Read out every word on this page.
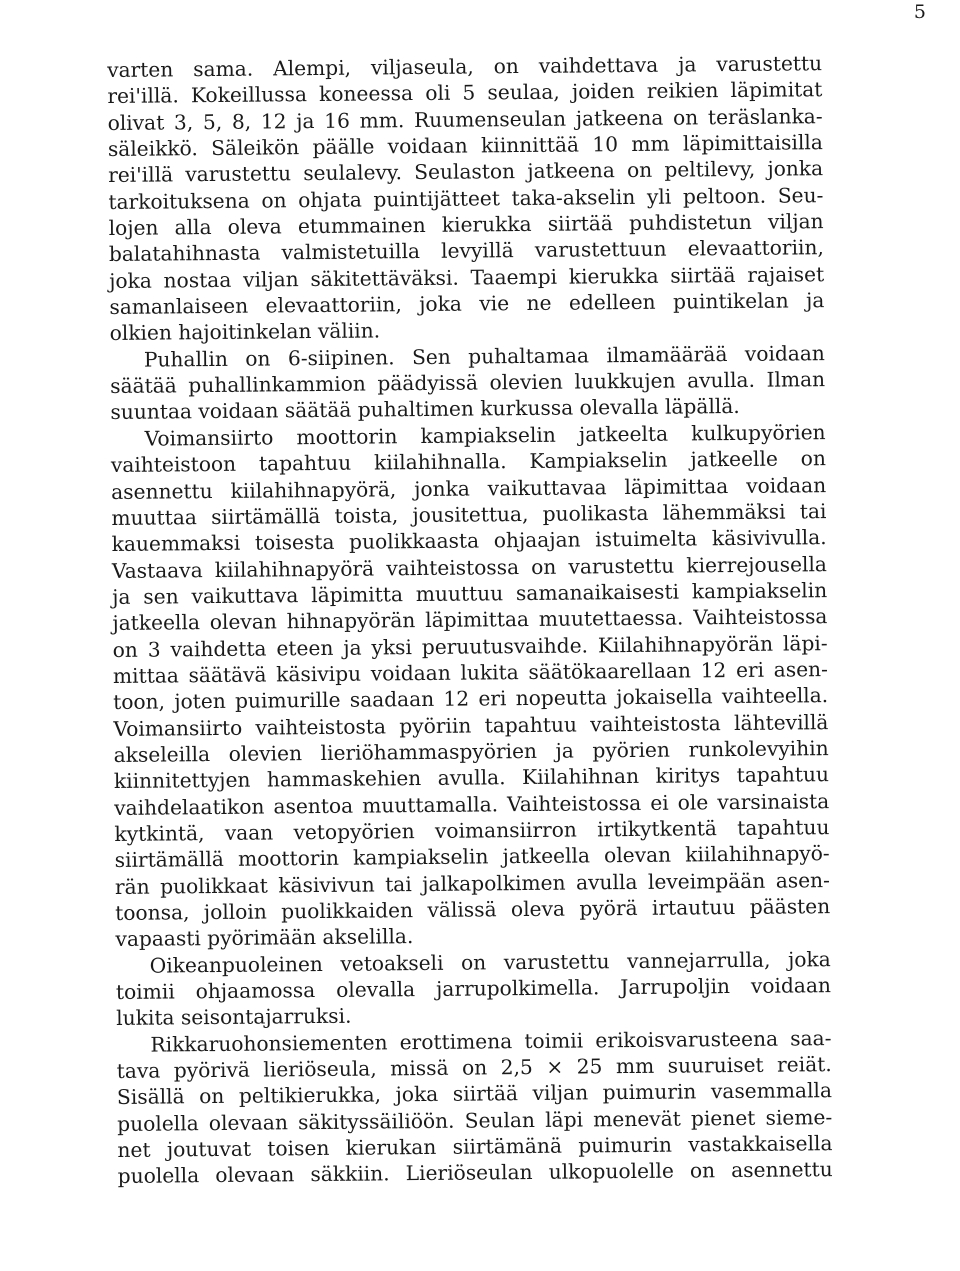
5
varten sama. Alempi, viljaseula, on vaihdettava ja varustettu
rei'illä. Kokeillussa koneessa oli 5 seulaa, joiden reikien läpimitat
olivat 3, 5, 8, 12 ja 16 mm. Ruumenseulan jatkeena on teräslanka-
säleikkö. Säleikön päälle voidaan kiinnittää 10 mm läpimittaisilla
rei'illä varustettu seulalevy. Seulaston jatkeena on peltilevy, jonka
tarkoituksena on ohjata puintijätteet taka-akselin yli peltoon. Seu-
lojen alla oleva etummainen kierukka siirtää puhdistetun viljan
balatahihnasta valmistetuilla levyillä varustettuun elevaattoriin,
joka nostaa viljan säkitettäväksi. Taaempi kierukka siirtää rajaiset
samanlaiseen elevaattoriin, joka vie ne edelleen puintikelan ja
olkien hajoitinkelan väliin.
Puhallin on 6-siipinen. Sen puhaltamaa ilmamäärää voidaan
säätää puhallinkammion päädyissä olevien luukkujen avulla. Ilman
suuntaa voidaan säätää puhaltimen kurkussa olevalla läpällä.
Voimansiirto moottorin kampiakselin jatkeelta kulkupyörien
vaihteistoon tapahtuu kiilahihnalla. Kampiakselin jatkeelle on
asennettu kiilahihnapyörä, jonka vaikuttavaa läpimittaa voidaan
muuttaa siirtämällä toista, jousitettua, puolikasta lähemmäksi tai
kauemmaksi toisesta puolikkaasta ohjaajan istuimelta käsivivulla.
Vastaava kiilahihnapyörä vaihteistossa on varustettu kierrejousella
ja sen vaikuttava läpimitta muuttuu samanaikaisesti kampiakselin
jatkeella olevan hihnapyörän läpimittaa muutettaessa. Vaihteistossa
on 3 vaihdetta eteen ja yksi peruutusvaihde. Kiilahihnapyörän läpi-
mittaa säätävä käsivipu voidaan lukita säätökaarellaan 12 eri asen-
toon, joten puimurille saadaan 12 eri nopeutta jokaisella vaihteella.
Voimansiirto vaihteistosta pyöriin tapahtuu vaihteistosta lähtevillä
akseleilla olevien lieriöhammaspyörien ja pyörien runkolevyihin
kiinnitettyjen hammaskehien avulla. Kiilahihnan kiritys tapahtuu
vaihdelaatikon asentoa muuttamalla. Vaihteistossa ei ole varsinaista
kytkintä, vaan vetopyörien voimansiirron irtikytkentä tapahtuu
siirtämällä moottorin kampiakselin jatkeella olevan kiilahihnapyö-
rän puolikkaat käsivivun tai jalkapolkimen avulla leveimpään asen-
toonsa, jolloin puolikkaiden välissä oleva pyörä irtautuu päästen
vapaasti pyörimään akselilla.
Oikeanpuoleinen vetoakseli on varustettu vannejarrulla, joka
toimii ohjaamossa olevalla jarrupolkimella. Jarrupoljin voidaan
lukita seisontajarruksi.
Rikkaruohonsiementen erottimena toimii erikoisvarusteena saa-
tava pyörivä lieriöseula, missä on 2,5 × 25 mm suuruiset reiät.
Sisällä on peltikierukka, joka siirtää viljan puimurin vasemmalla
puolella olevaan säkityssäiliöön. Seulan läpi menevät pienet sieme-
net joutuvat toisen kierukan siirtämänä puimurin vastakkaisella
puolella olevaan säkkiin. Lieriöseulan ulkopuolelle on asennettu
